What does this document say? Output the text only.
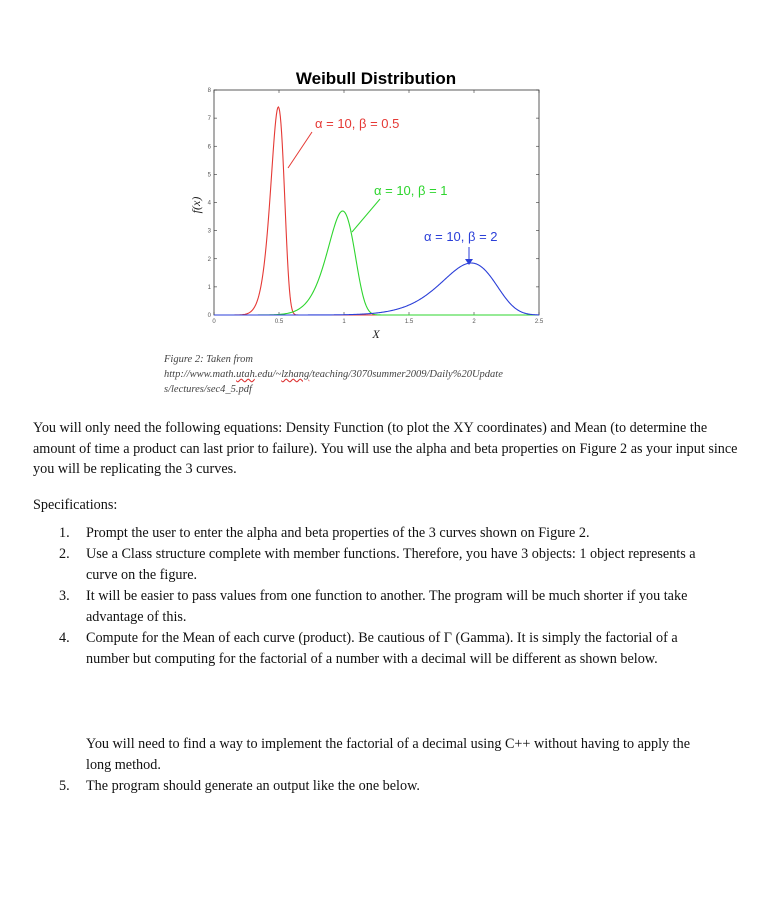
Weibull Distribution
0	0.5	1	1.5	2	2.5
0
1
2
3
4
5
6
7
8
α = 10, β = 0.5
α = 10, β = 1
α = 10, β = 2
X
f(x)
Figure 2: Taken from
http://www.math.utah.edu/~lzhang/teaching/3070summer2009/Daily%20Update
s/lectures/sec4_5.pdf
You will only need the following equations: Density Function (to plot the XY coordinates) and Mean (to determine the amount of time a product can last prior to failure). You will use the alpha and beta properties on Figure 2 as your input since you will be replicating the 3 curves.
Specifications:
1. Prompt the user to enter the alpha and beta properties of the 3 curves shown on Figure 2.
2. Use a Class structure complete with member functions. Therefore, you have 3 objects: 1 object represents a curve on the figure.
3. It will be easier to pass values from one function to another. The program will be much shorter if you take advantage of this.
4. Compute for the Mean of each curve (product). Be cautious of Γ (Gamma). It is simply the factorial of a number but computing for the factorial of a number with a decimal will be different as shown below.
You will need to find a way to implement the factorial of a decimal using C++ without having to apply the long method.
5. The program should generate an output like the one below.
